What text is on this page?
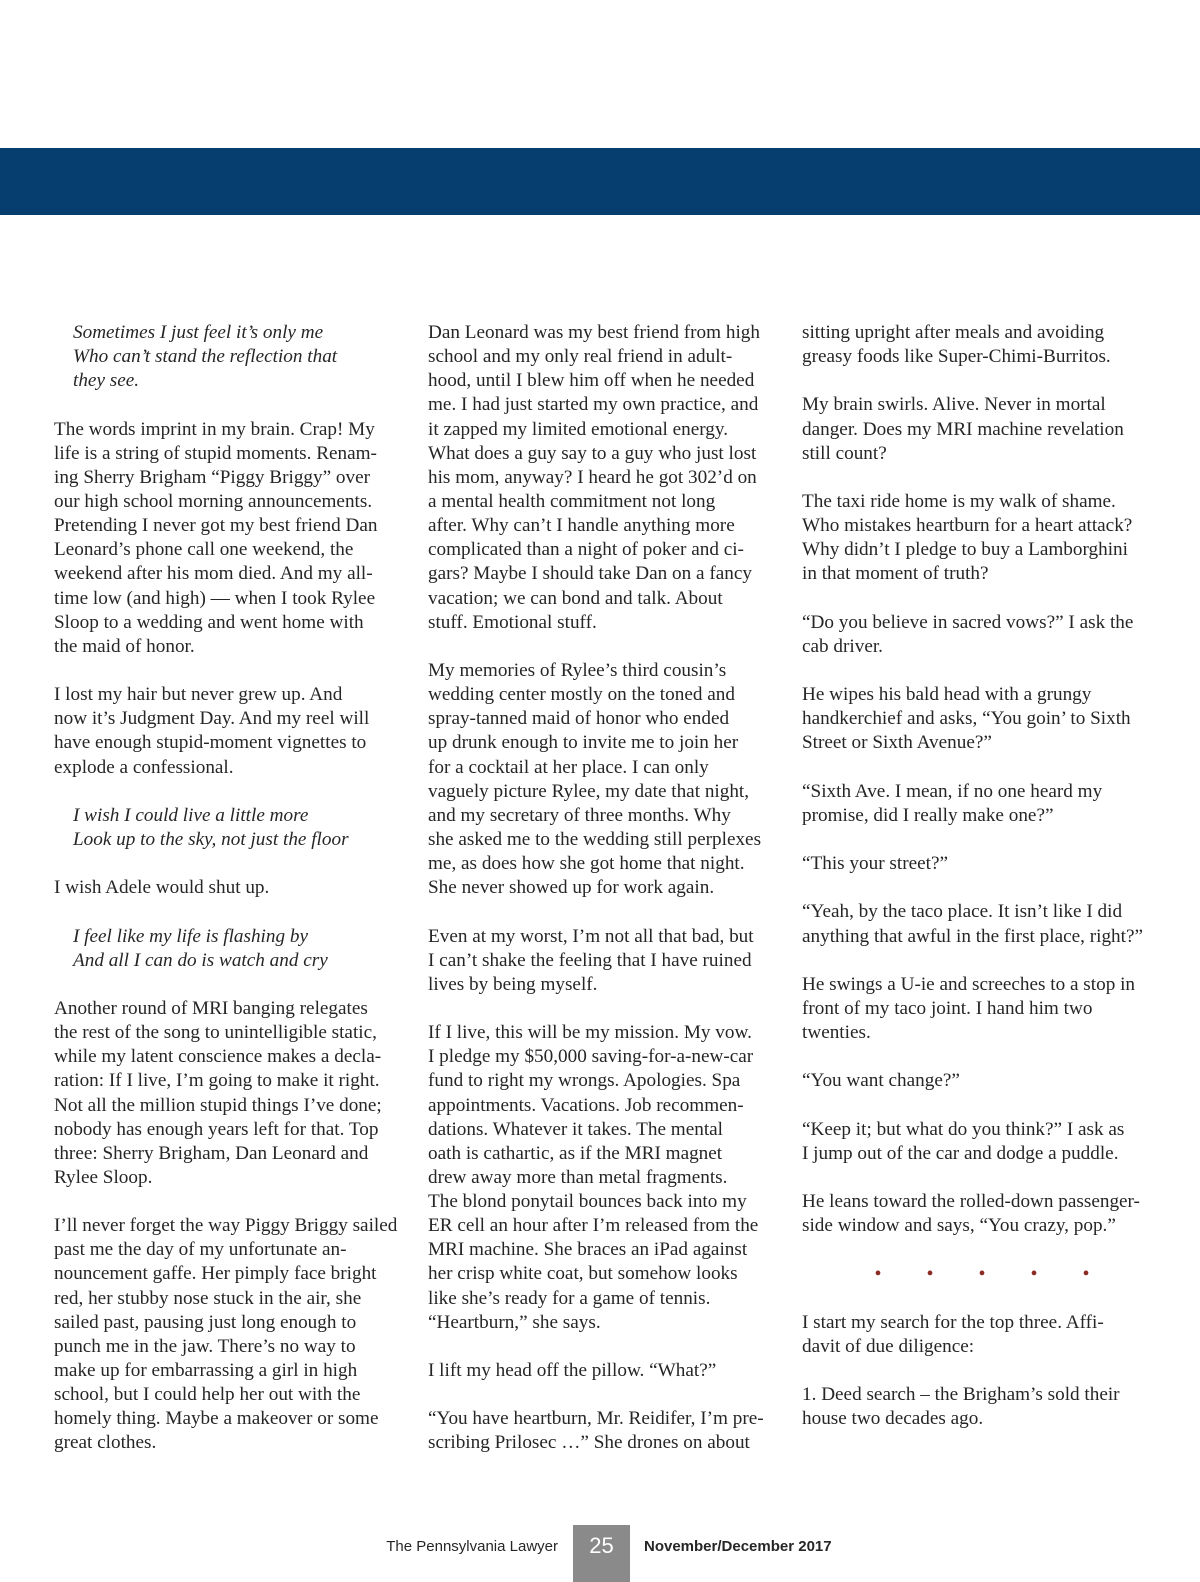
Sometimes I just feel it’s only me
Who can’t stand the reflection that
they see.
The words imprint in my brain. Crap! My
life is a string of stupid moments. Renam-
ing Sherry Brigham “Piggy Briggy” over
our high school morning announcements.
Pretending I never got my best friend Dan
Leonard’s phone call one weekend, the
weekend after his mom died. And my all-
time low (and high) — when I took Rylee
Sloop to a wedding and went home with
the maid of honor.
I lost my hair but never grew up. And
now it’s Judgment Day. And my reel will
have enough stupid-moment vignettes to
explode a confessional.
I wish I could live a little more
Look up to the sky, not just the floor
I wish Adele would shut up.
I feel like my life is flashing by
And all I can do is watch and cry
Another round of MRI banging relegates
the rest of the song to unintelligible static,
while my latent conscience makes a decla-
ration: If I live, I’m going to make it right.
Not all the million stupid things I’ve done;
nobody has enough years left for that. Top
three: Sherry Brigham, Dan Leonard and
Rylee Sloop.
I’ll never forget the way Piggy Briggy sailed
past me the day of my unfortunate an-
nouncement gaffe. Her pimply face bright
red, her stubby nose stuck in the air, she
sailed past, pausing just long enough to
punch me in the jaw. There’s no way to
make up for embarrassing a girl in high
school, but I could help her out with the
homely thing. Maybe a makeover or some
great clothes.
Dan Leonard was my best friend from high
school and my only real friend in adult-
hood, until I blew him off when he needed
me. I had just started my own practice, and
it zapped my limited emotional energy.
What does a guy say to a guy who just lost
his mom, anyway? I heard he got 302’d on
a mental health commitment not long
after. Why can’t I handle anything more
complicated than a night of poker and ci-
gars? Maybe I should take Dan on a fancy
vacation; we can bond and talk. About
stuff. Emotional stuff.
My memories of Rylee’s third cousin’s
wedding center mostly on the toned and
spray-tanned maid of honor who ended
up drunk enough to invite me to join her
for a cocktail at her place. I can only
vaguely picture Rylee, my date that night,
and my secretary of three months. Why
she asked me to the wedding still perplexes
me, as does how she got home that night.
She never showed up for work again.
Even at my worst, I’m not all that bad, but
I can’t shake the feeling that I have ruined
lives by being myself.
If I live, this will be my mission. My vow.
I pledge my $50,000 saving-for-a-new-car
fund to right my wrongs. Apologies. Spa
appointments. Vacations. Job recommen-
dations. Whatever it takes. The mental
oath is cathartic, as if the MRI magnet
drew away more than metal fragments.
The blond ponytail bounces back into my
ER cell an hour after I’m released from the
MRI machine. She braces an iPad against
her crisp white coat, but somehow looks
like she’s ready for a game of tennis.
“Heartburn,” she says.
I lift my head off the pillow. “What?”
“You have heartburn, Mr. Reidifer, I’m pre-
scribing Prilosec …” She drones on about
sitting upright after meals and avoiding
greasy foods like Super-Chimi-Burritos.
My brain swirls. Alive. Never in mortal
danger. Does my MRI machine revelation
still count?
The taxi ride home is my walk of shame.
Who mistakes heartburn for a heart attack?
Why didn’t I pledge to buy a Lamborghini
in that moment of truth?
“Do you believe in sacred vows?” I ask the
cab driver.
He wipes his bald head with a grungy
handkerchief and asks, “You goin’ to Sixth
Street or Sixth Avenue?”
“Sixth Ave. I mean, if no one heard my
promise, did I really make one?”
“This your street?”
“Yeah, by the taco place. It isn’t like I did
anything that awful in the first place, right?”
He swings a U-ie and screeches to a stop in
front of my taco joint. I hand him two
twenties.
“You want change?”
“Keep it; but what do you think?” I ask as
I jump out of the car and dodge a puddle.
He leans toward the rolled-down passenger-
side window and says, “You crazy, pop.”
• • • • •
I start my search for the top three. Affi-
davit of due diligence:
1. Deed search – the Brigham’s sold their
house two decades ago.
The Pennsylvania Lawyer	25	November/December 2017
